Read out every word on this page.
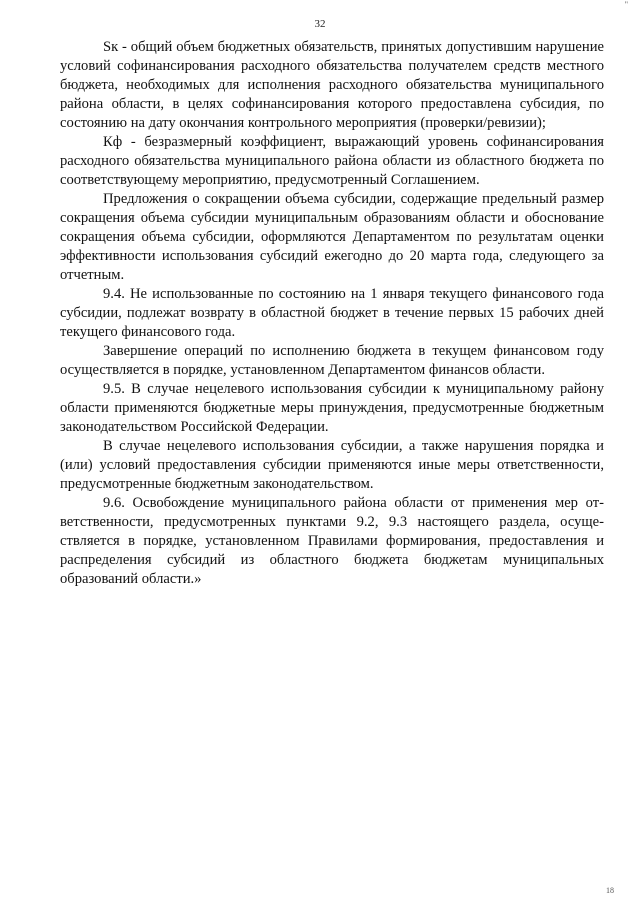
"
32

Sк - общий объем бюджетных обязательств, принятых допустившим нарушение условий софинансирования расходного обязательства получателем средств местного бюджета, необходимых для исполнения расходного обязательства муниципального района области, в целях софинансирования которого предоставлена субсидия, по состоянию на дату окончания контрольного мероприятия (проверки/ревизии);

Кф - безразмерный коэффициент, выражающий уровень софинансирования расходного обязательства муниципального района области из областного бюджета по соответствующему мероприятию, предусмотренный Соглашением.

Предложения о сокращении объема субсидии, содержащие предельный размер сокращения объема субсидии муниципальным образованиям области и обоснование сокращения объема субсидии, оформляются Департаментом по результатам оценки эффективности использования субсидий ежегодно до 20 марта года, следующего за отчетным.

9.4. Не использованные по состоянию на 1 января текущего финансового года субсидии, подлежат возврату в областной бюджет в течение первых 15 рабочих дней текущего финансового года.

Завершение операций по исполнению бюджета в текущем финансовом году осуществляется в порядке, установленном Департаментом финансов области.

9.5. В случае нецелевого использования субсидии к муниципальному району области применяются бюджетные меры принуждения, предусмотренные бюджетным законодательством Российской Федерации.

В случае нецелевого использования субсидии, а также нарушения порядка и (или) условий предоставления субсидии применяются иные меры ответственности, предусмотренные бюджетным законодательством.

9.6. Освобождение муниципального района области от применения мер ответственности, предусмотренных пунктами 9.2, 9.3 настоящего раздела, осуществляется в порядке, установленном Правилами формирования, предоставления и распределения субсидий из областного бюджета бюджетам муниципальных образований области.»

18
